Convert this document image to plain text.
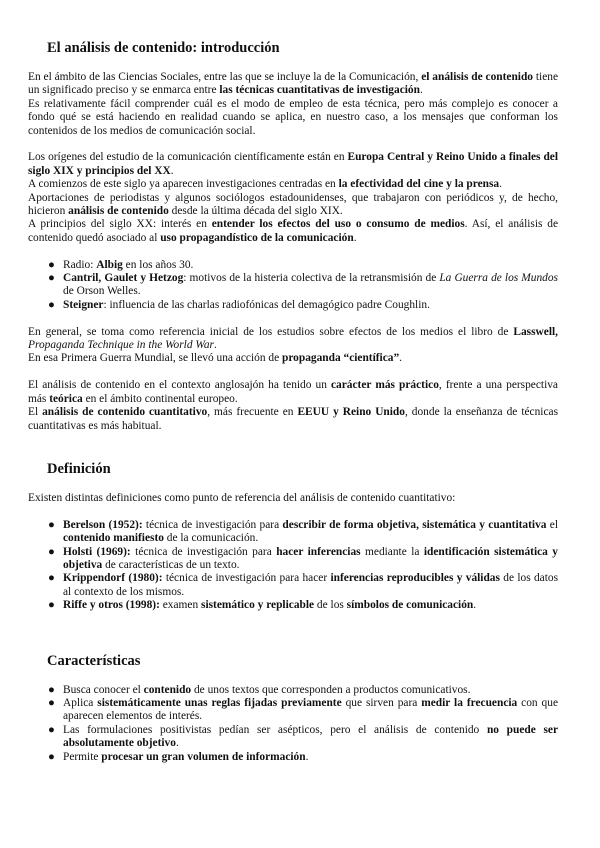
El análisis de contenido: introducción

En el ámbito de las Ciencias Sociales, entre las que se incluye la de la Comunicación, el análisis de contenido tiene un significado preciso y se enmarca entre las técnicas cuantitativas de investigación.

Es relativamente fácil comprender cuál es el modo de empleo de esta técnica, pero más complejo es conocer a fondo qué se está haciendo en realidad cuando se aplica, en nuestro caso, a los mensajes que conforman los contenidos de los medios de comunicación social.

Los orígenes del estudio de la comunicación científicamente están en Europa Central y Reino Unido a finales del siglo XIX y principios del XX.

A comienzos de este siglo ya aparecen investigaciones centradas en la efectividad del cine y la prensa.

Aportaciones de periodistas y algunos sociólogos estadounidenses, que trabajaron con periódicos y, de hecho, hicieron análisis de contenido desde la última década del siglo XIX.

A principios del siglo XX: interés en entender los efectos del uso o consumo de medios. Así, el análisis de contenido quedó asociado al uso propagandístico de la comunicación.

● Radio: Albig en los años 30.
● Cantril, Gaulet y Hetzog: motivos de la histeria colectiva de la retransmisión de La Guerra de los Mundos de Orson Welles.
● Steigner: influencia de las charlas radiofónicas del demagógico padre Coughlin.

En general, se toma como referencia inicial de los estudios sobre efectos de los medios el libro de Lasswell, Propaganda Technique in the World War.

En esa Primera Guerra Mundial, se llevó una acción de propaganda “científica”.

El análisis de contenido en el contexto anglosajón ha tenido un carácter más práctico, frente a una perspectiva más teórica en el ámbito continental europeo.

El análisis de contenido cuantitativo, más frecuente en EEUU y Reino Unido, donde la enseñanza de técnicas cuantitativas es más habitual.

Definición

Existen distintas definiciones como punto de referencia del análisis de contenido cuantitativo:

● Berelson (1952): técnica de investigación para describir de forma objetiva, sistemática y cuantitativa el contenido manifiesto de la comunicación.
● Holsti (1969): técnica de investigación para hacer inferencias mediante la identificación sistemática y objetiva de características de un texto.
● Krippendorf (1980): técnica de investigación para hacer inferencias reproducibles y válidas de los datos al contexto de los mismos.
● Riffe y otros (1998): examen sistemático y replicable de los símbolos de comunicación.
Características
● Busca conocer el contenido de unos textos que corresponden a productos comunicativos.
● Aplica sistemáticamente unas reglas fijadas previamente que sirven para medir la frecuencia con que aparecen elementos de interés.
● Las formulaciones positivistas pedían ser asépticos, pero el análisis de contenido no puede ser absolutamente objetivo.
● Permite procesar un gran volumen de información.
